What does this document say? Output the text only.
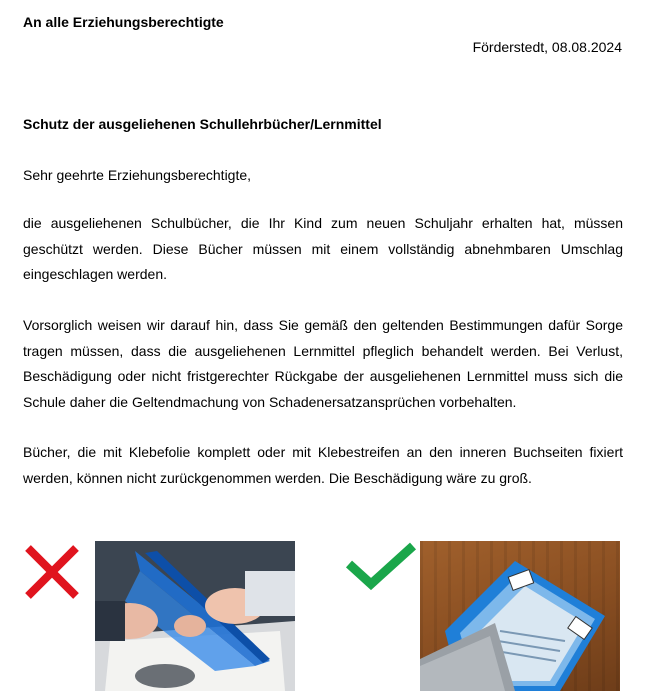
An alle Erziehungsberechtigte
Förderstedt, 08.08.2024
Schutz der ausgeliehenen Schullehrbücher/Lernmittel
Sehr geehrte Erziehungsberechtigte,

die ausgeliehenen Schulbücher, die Ihr Kind zum neuen Schuljahr erhalten hat, müssen geschützt werden. Diese Bücher müssen mit einem vollständig abnehmbaren Umschlag eingeschlagen werden.

Vorsorglich weisen wir darauf hin, dass Sie gemäß den geltenden Bestimmungen dafür Sorge tragen müssen, dass die ausgeliehenen Lernmittel pfleglich behandelt werden. Bei Verlust, Beschädigung oder nicht fristgerechter Rückgabe der ausgeliehenen Lernmittel muss sich die Schule daher die Geltendmachung von Schadenersatzansprüchen vorbehalten.

Bücher, die mit Klebefolie komplett oder mit Klebestreifen an den inneren Buchseiten fixiert werden, können nicht zurückgenommen werden. Die Beschädigung wäre zu groß.
